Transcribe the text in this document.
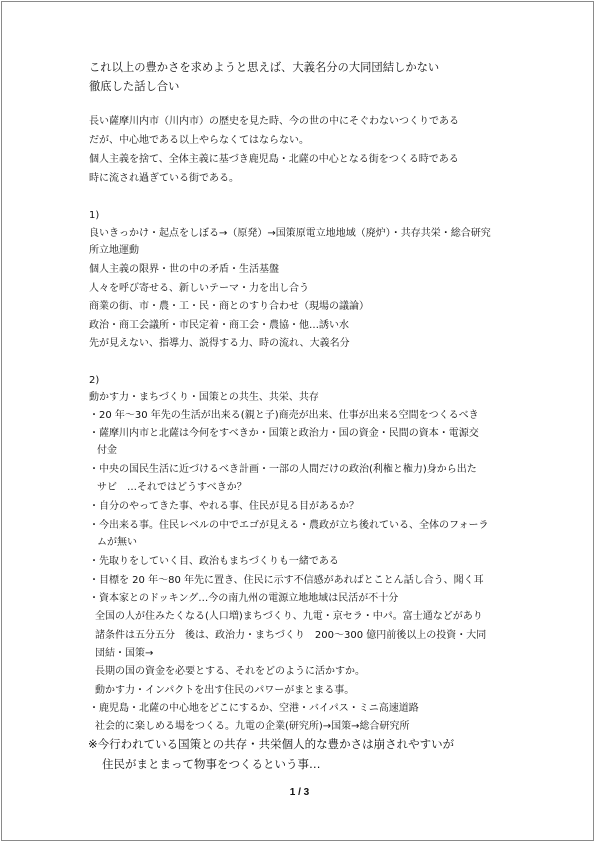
これ以上の豊かさを求めようと思えば、大義名分の大同団結しかない
徹底した話し合い
長い薩摩川内市（川内市）の歴史を見た時、今の世の中にそぐわないつくりである
だが、中心地である以上やらなくてはならない。
個人主義を捨て、全体主義に基づき鹿児島・北薩の中心となる街をつくる時である
時に流され過ぎている街である。
1)
良いきっかけ・起点をしぼる→（原発）→国策原電立地地域（廃炉）・共存共栄・総合研究
所立地運動
個人主義の限界・世の中の矛盾・生活基盤
人々を呼び寄せる、新しいテーマ・力を出し合う
商業の街、市・農・工・民・商とのすり合わせ（現場の議論）
政治・商工会議所・市民定着・商工会・農協・他…誘い水
先が見えない、指導力、説得する力、時の流れ、大義名分
2)
動かす力・まちづくり・国策との共生、共栄、共存
・20 年～30 年先の生活が出来る(親と子)商売が出来、仕事が出来る空間をつくるべき
・薩摩川内市と北薩は今何をすべきか・国策と政治力・国の資金・民間の資本・電源交
付金
・中央の国民生活に近づけるべき計画・一部の人間だけの政治(利権と権力)身から出た
サビ　…それではどうすべきか？
・自分のやってきた事、やれる事、住民が見る目があるか？
・今出来る事。住民レベルの中でエゴが見える・農政が立ち後れている、全体のフォーラ
ムが無い
・先取りをしていく目、政治もまちづくりも一緒である
・目標を 20 年～80 年先に置き、住民に示す不信感があればとことん話し合う、聞く耳
・資本家とのドッキング…今の南九州の電源立地地域は民活が不十分
全国の人が住みたくなる(人口増)まちづくり、九電・京セラ・中パ。富士通などがあり
諸条件は五分五分　後は、政治力・まちづくり　200～300 億円前後以上の投資・大同
団結・国策→
長期の国の資金を必要とする、それをどのように活かすか。
動かす力・インパクトを出す住民のパワーがまとまる事。
・鹿児島・北薩の中心地をどこにするか、空港・バイパス・ミニ高速道路
社会的に楽しめる場をつくる。九電の企業(研究所)→国策→総合研究所
※今行われている国策との共存・共栄個人的な豊かさは崩されやすいが
住民がまとまって物事をつくるという事…
1 / 3
